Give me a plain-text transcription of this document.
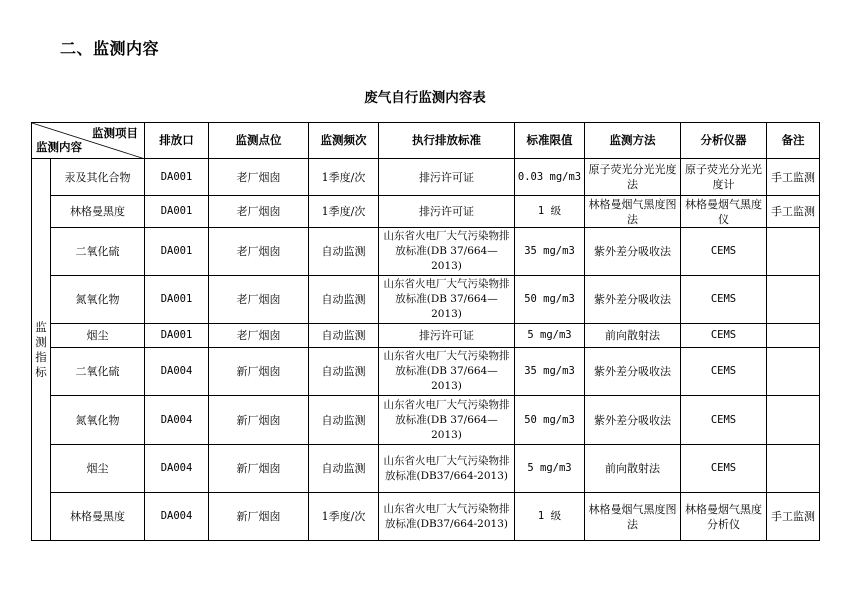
二、监测内容
废气自行监测内容表
监测项目
监测内容		排放口	监测点位	监测频次	执行排放标准	标准限值	监测方法	分析仪器	备注

监
测
指
标	汞及其化合物	DA001	老厂烟囱	1季度/次	排污许可证	0.03 mg/m3	原子荧光分光光度法	原子荧光分光光度计	手工监测
	林格曼黑度	DA001	老厂烟囱	1季度/次	排污许可证	1 级	林格曼烟气黑度图法	林格曼烟气黑度仪	手工监测
	二氧化硫	DA001	老厂烟囱	自动监测	山东省火电厂大气污染物排放标准(DB 37/664—2013)	35 mg/m3	紫外差分吸收法	CEMS	
	氮氧化物	DA001	老厂烟囱	自动监测	山东省火电厂大气污染物排放标准(DB 37/664—2013)	50 mg/m3	紫外差分吸收法	CEMS	
	烟尘	DA001	老厂烟囱	自动监测	排污许可证	5 mg/m3	前向散射法	CEMS	
	二氧化硫	DA004	新厂烟囱	自动监测	山东省火电厂大气污染物排放标准(DB 37/664—2013)	35 mg/m3	紫外差分吸收法	CEMS	
	氮氧化物	DA004	新厂烟囱	自动监测	山东省火电厂大气污染物排放标准(DB 37/664—2013)	50 mg/m3	紫外差分吸收法	CEMS	
	烟尘	DA004	新厂烟囱	自动监测	山东省火电厂大气污染物排放标准(DB37/664-2013)	5 mg/m3	前向散射法	CEMS	
	林格曼黑度	DA004	新厂烟囱	1季度/次	山东省火电厂大气污染物排放标准(DB37/664-2013)	1 级	林格曼烟气黑度图法	林格曼烟气黑度分析仪	手工监测
